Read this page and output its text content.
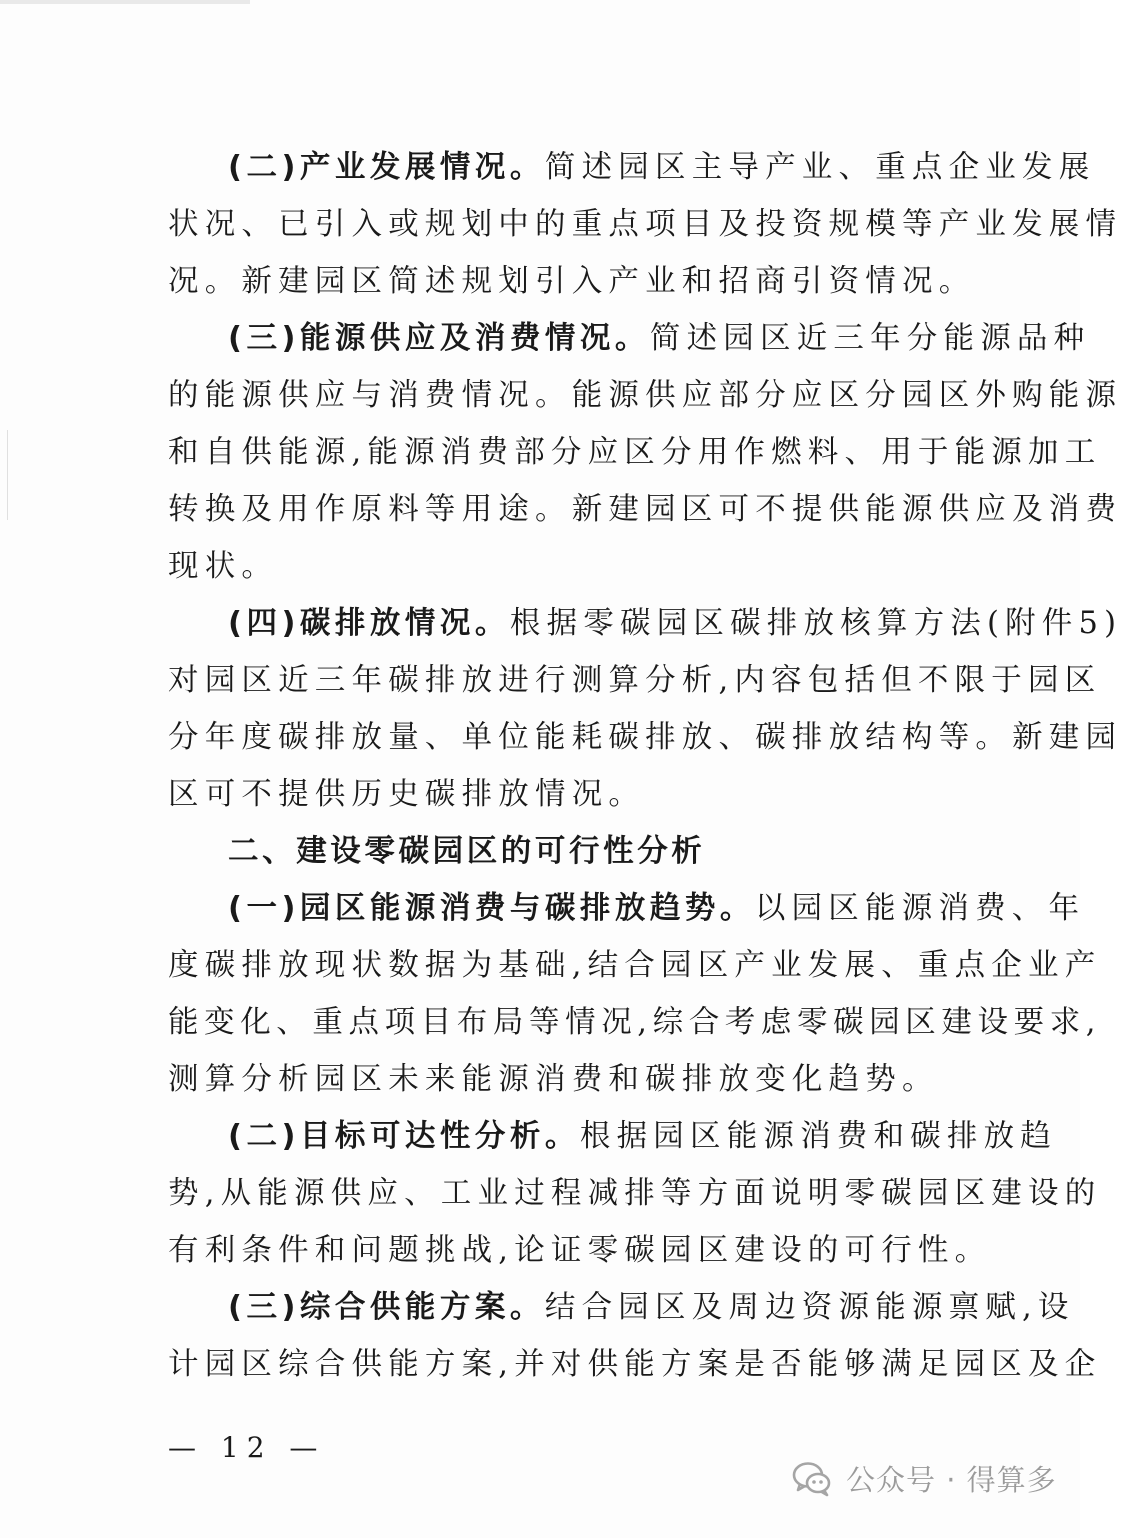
(二)产业发展情况。简述园区主导产业、重点企业发展
状况、已引入或规划中的重点项目及投资规模等产业发展情
况。新建园区简述规划引入产业和招商引资情况。
(三)能源供应及消费情况。简述园区近三年分能源品种
的能源供应与消费情况。能源供应部分应区分园区外购能源
和自供能源,能源消费部分应区分用作燃料、用于能源加工
转换及用作原料等用途。新建园区可不提供能源供应及消费
现状。
(四)碳排放情况。根据零碳园区碳排放核算方法(附件5)
对园区近三年碳排放进行测算分析,内容包括但不限于园区
分年度碳排放量、单位能耗碳排放、碳排放结构等。新建园
区可不提供历史碳排放情况。
二、建设零碳园区的可行性分析
(一)园区能源消费与碳排放趋势。以园区能源消费、年
度碳排放现状数据为基础,结合园区产业发展、重点企业产
能变化、重点项目布局等情况,综合考虑零碳园区建设要求,
测算分析园区未来能源消费和碳排放变化趋势。
(二)目标可达性分析。根据园区能源消费和碳排放趋
势,从能源供应、工业过程减排等方面说明零碳园区建设的
有利条件和问题挑战,论证零碳园区建设的可行性。
(三)综合供能方案。结合园区及周边资源能源禀赋,设
计园区综合供能方案,并对供能方案是否能够满足园区及企
— 12 —
公众号 · 得算多
